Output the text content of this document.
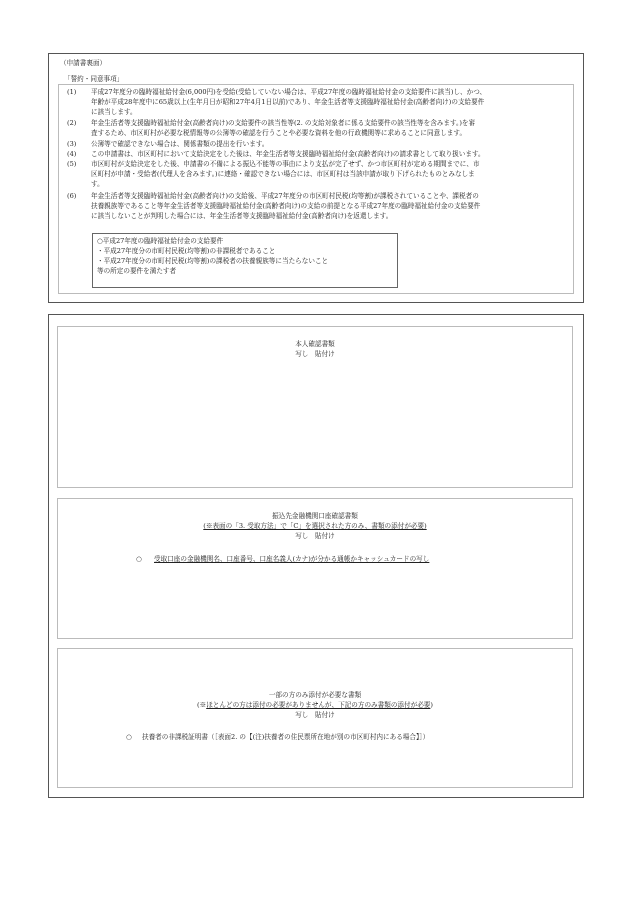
（申請書裏面）
「誓約・同意事項」
(1) 平成27年度分の臨時福祉給付金(6,000円)を受給(受給していない場合は、平成27年度の臨時福祉給付金の支給要件に該当)し、かつ、
年齢が平成28年度中に65歳以上(生年月日が昭和27年4月1日以前)であり、年金生活者等支援臨時福祉給付金(高齢者向け)の支給要件
に該当します。
(2) 年金生活者等支援臨時福祉給付金(高齢者向け)の支給要件の該当性等(2. の支給対象者に係る支給要件の該当性等を含みます。)を審
査するため、市区町村が必要な税情報等の公簿等の確認を行うことや必要な資料を他の行政機関等に求めることに同意します。
(3) 公簿等で確認できない場合は、関係書類の提出を行います。
(4) この申請書は、市区町村において支給決定をした後は、年金生活者等支援臨時福祉給付金(高齢者向け)の請求書として取り扱います。
(5) 市区町村が支給決定をした後、申請書の不備による振込不能等の事由により支払が完了せず、かつ市区町村が定める期間までに、市
区町村が申請・受給者(代理人を含みます。)に連絡・確認できない場合には、市区町村は当該申請が取り下げられたものとみなしま
す。
(6) 年金生活者等支援臨時福祉給付金(高齢者向け)の支給後、平成27年度分の市区町村民税(均等割)が課税されていることや、課税者の
扶養親族等であること等年金生活者等支援臨時福祉給付金(高齢者向け)の支給の前提となる平成27年度の臨時福祉給付金の支給要件
に該当しないことが判明した場合には、年金生活者等支援臨時福祉給付金(高齢者向け)を返還します。
○平成27年度の臨時福祉給付金の支給要件
・平成27年度分の市町村民税(均等割)の非課税者であること
・平成27年度分の市町村民税(均等割)の課税者の扶養親族等に当たらないこと
等の所定の要件を満たす者
本人確認書類
写し　貼付け
振込先金融機関口座確認書類
(※表面の「3. 受取方法」で「C」を選択された方のみ、書類の添付が必要)
写し　貼付け
○ 受取口座の金融機関名、口座番号、口座名義人(カナ)が分かる通帳かキャッシュカードの写し
一部の方のみ添付が必要な書類
(※ほとんどの方は添付の必要がありませんが、下記の方のみ書類の添付が必要)
写し　貼付け
○ 扶養者の非課税証明書（［表面2. の【(注)扶養者の住民票所在地が別の市区町村内にある場合】］）
